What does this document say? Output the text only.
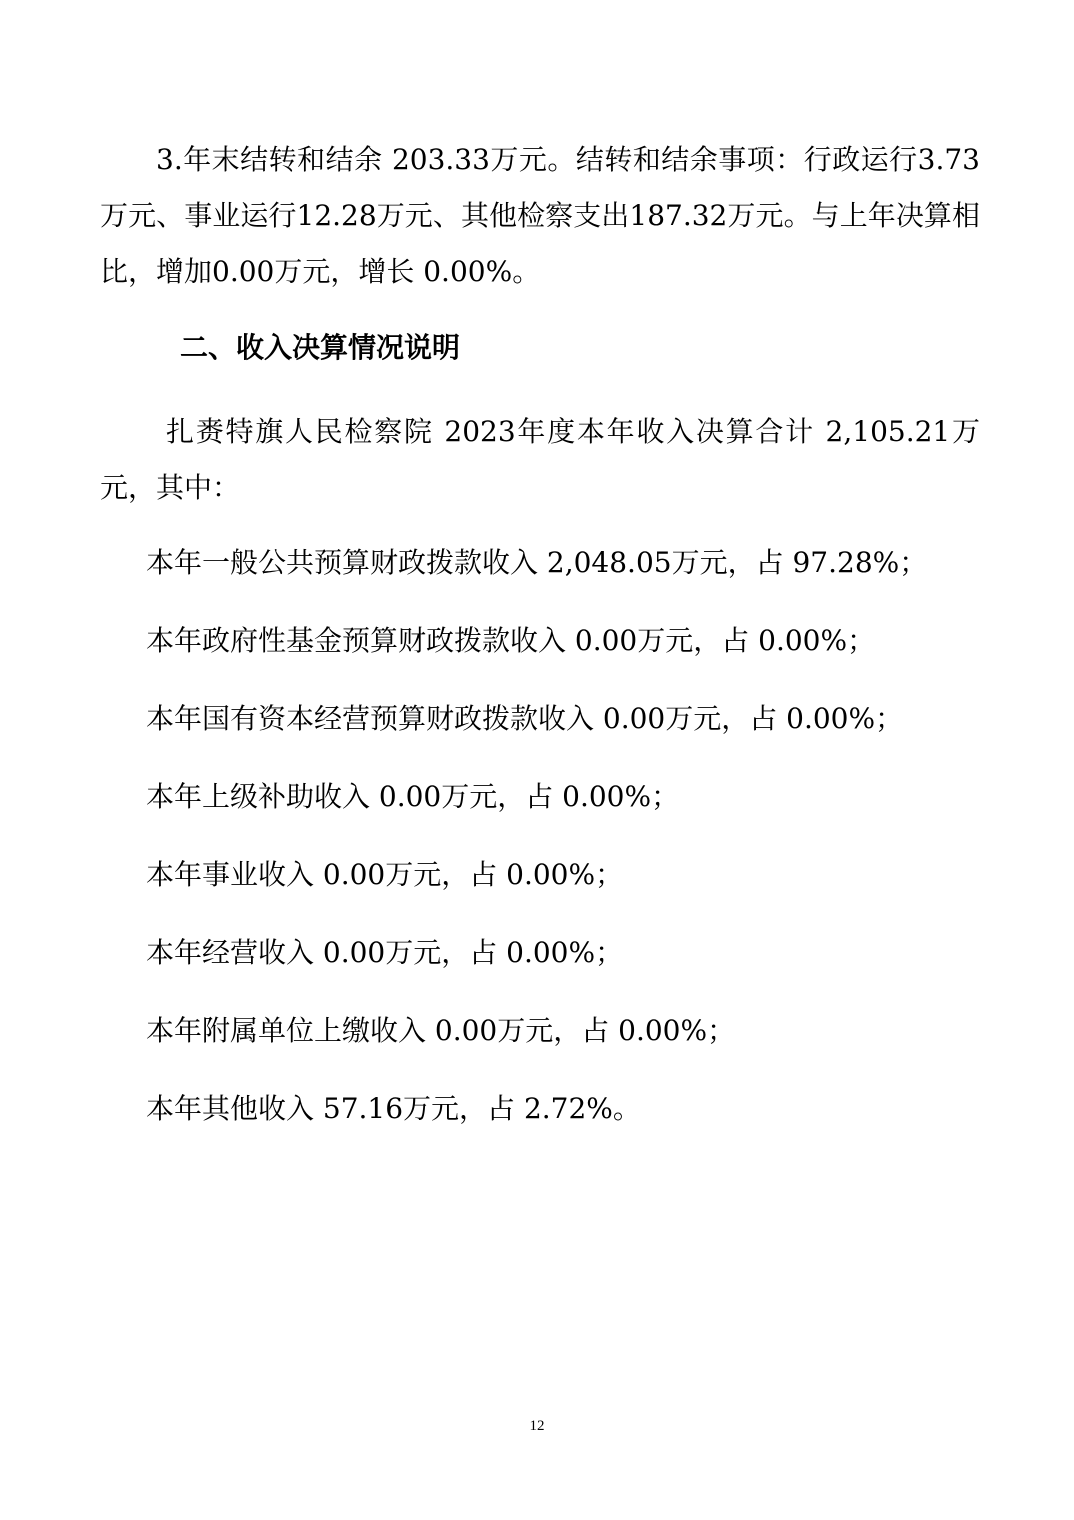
3.年末结转和结余 203.33万元。结转和结余事项：行政运行3.73万元、事业运行12.28万元、其他检察支出187.32万元。与上年决算相比，增加0.00万元，增长 0.00%。

二、收入决算情况说明

扎赉特旗人民检察院 2023年度本年收入决算合计 2,105.21万元，其中：

本年一般公共预算财政拨款收入 2,048.05万元，占 97.28%；

本年政府性基金预算财政拨款收入 0.00万元，占 0.00%；

本年国有资本经营预算财政拨款收入 0.00万元，占 0.00%；

本年上级补助收入 0.00万元，占 0.00%；

本年事业收入 0.00万元，占 0.00%；

本年经营收入 0.00万元，占 0.00%；

本年附属单位上缴收入 0.00万元，占 0.00%；

本年其他收入 57.16万元，占 2.72%。

12
